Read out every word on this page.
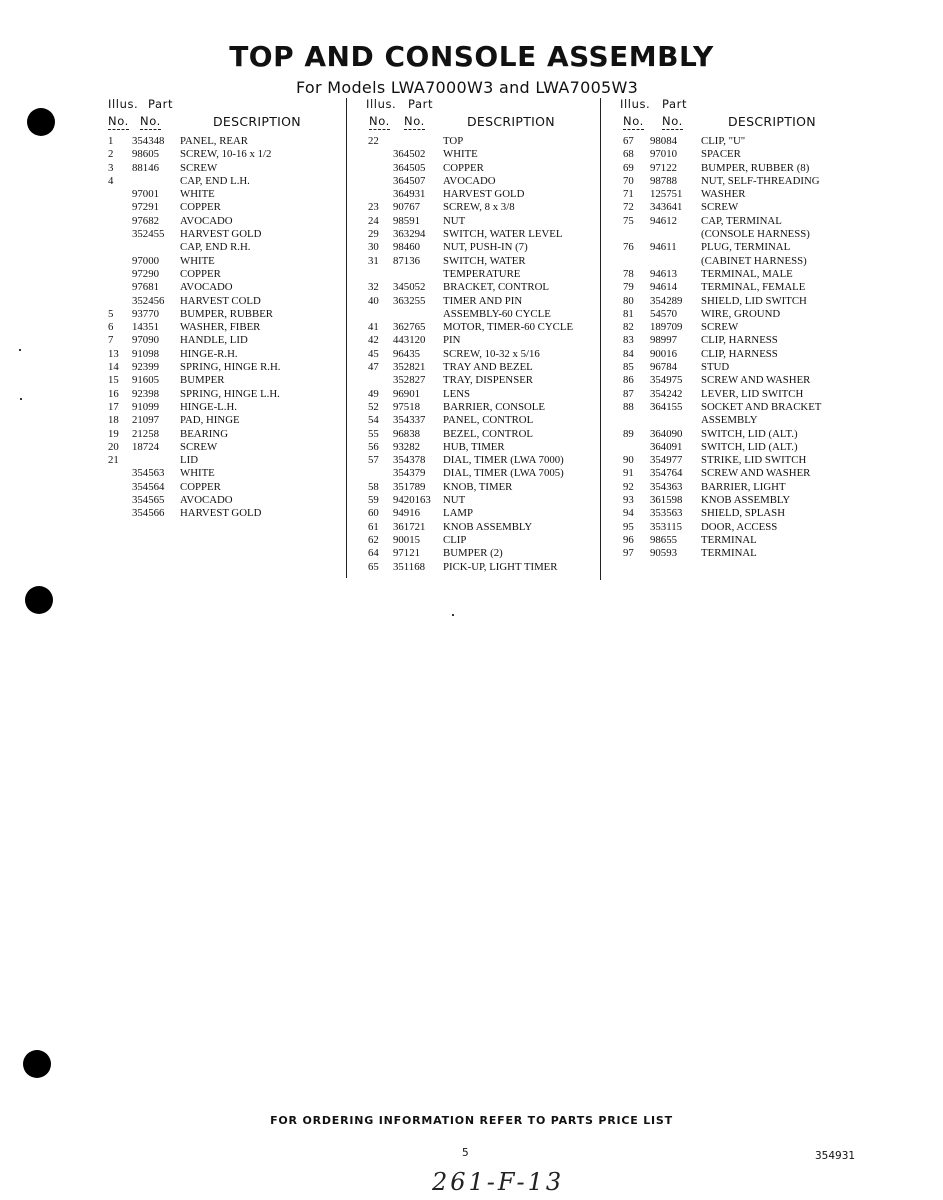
TOP AND CONSOLE ASSEMBLY

For Models LWA7000W3 and LWA7005W3

Illus. Part
No. No.	DESCRIPTION
1 354348 PANEL, REAR
2 98605 SCREW, 10-16 x 1/2
3 88146 SCREW
4	CAP, END L.H.
97001 WHITE
97291 COPPER
97682 AVOCADO
352455 HARVEST GOLD
CAP, END R.H.
97000 WHITE
97290 COPPER
97681 AVOCADO
352456 HARVEST COLD
5 93770 BUMPER, RUBBER
6 14351 WASHER, FIBER
7 97090 HANDLE, LID
13 91098 HINGE-R.H.
14 92399 SPRING, HINGE R.H.
15 91605 BUMPER
16 92398 SPRING, HINGE L.H.
17 91099 HINGE-L.H.
18 21097 PAD, HINGE
19 21258 BEARING
20 18724 SCREW
21	LID
354563 WHITE
354564 COPPER
354565 AVOCADO
354566 HARVEST GOLD
Illus. Part
No. No.	DESCRIPTION
22	TOP
364502 WHITE
364505 COPPER
364507 AVOCADO
364931 HARVEST GOLD
23 90767 SCREW, 8 x 3/8
24 98591 NUT
29 363294 SWITCH, WATER LEVEL
30 98460 NUT, PUSH-IN (7)
31 87136 SWITCH, WATER
TEMPERATURE
32 345052 BRACKET, CONTROL
40 363255 TIMER AND PIN
ASSEMBLY-60 CYCLE
41 362765 MOTOR, TIMER-60 CYCLE
42 443120 PIN
45 96435 SCREW, 10-32 x 5/16
47 352821 TRAY AND BEZEL
352827 TRAY, DISPENSER
49 96901 LENS
52 97518 BARRIER, CONSOLE
54 354337 PANEL, CONTROL
55 96838 BEZEL, CONTROL
56 93282 HUB, TIMER
57 354378 DIAL, TIMER (LWA 7000)
354379 DIAL, TIMER (LWA 7005)
58 351789 KNOB, TIMER
59 9420163 NUT
60 94916 LAMP
61 361721 KNOB ASSEMBLY
62 90015 CLIP
64 97121 BUMPER (2)
65 351168 PICK-UP, LIGHT TIMER
Illus. Part
No. No.	DESCRIPTION
67 98084 CLIP, "U"
68 97010 SPACER
69 97122 BUMPER, RUBBER (8)
70 98788 NUT, SELF-THREADING
71 125751 WASHER
72 343641 SCREW
75 94612 CAP, TERMINAL
(CONSOLE HARNESS)
76 94611 PLUG, TERMINAL
(CABINET HARNESS)
78 94613 TERMINAL, MALE
79 94614 TERMINAL, FEMALE
80 354289 SHIELD, LID SWITCH
81 54570 WIRE, GROUND
82 189709 SCREW
83 98997 CLIP, HARNESS
84 90016 CLIP, HARNESS
85 96784 STUD
86 354975 SCREW AND WASHER
87 354242 LEVER, LID SWITCH
88 364155 SOCKET AND BRACKET
ASSEMBLY
89 364090 SWITCH, LID (ALT.)
364091 SWITCH, LID (ALT.)
90 354977 STRIKE, LID SWITCH
91 354764 SCREW AND WASHER
92 354363 BARRIER, LIGHT
93 361598 KNOB ASSEMBLY
94 353563 SHIELD, SPLASH
95 353115 DOOR, ACCESS
96 98655 TERMINAL
97 90593 TERMINAL

FOR ORDERING INFORMATION REFER TO PARTS PRICE LIST

5	354931
261-F-13
